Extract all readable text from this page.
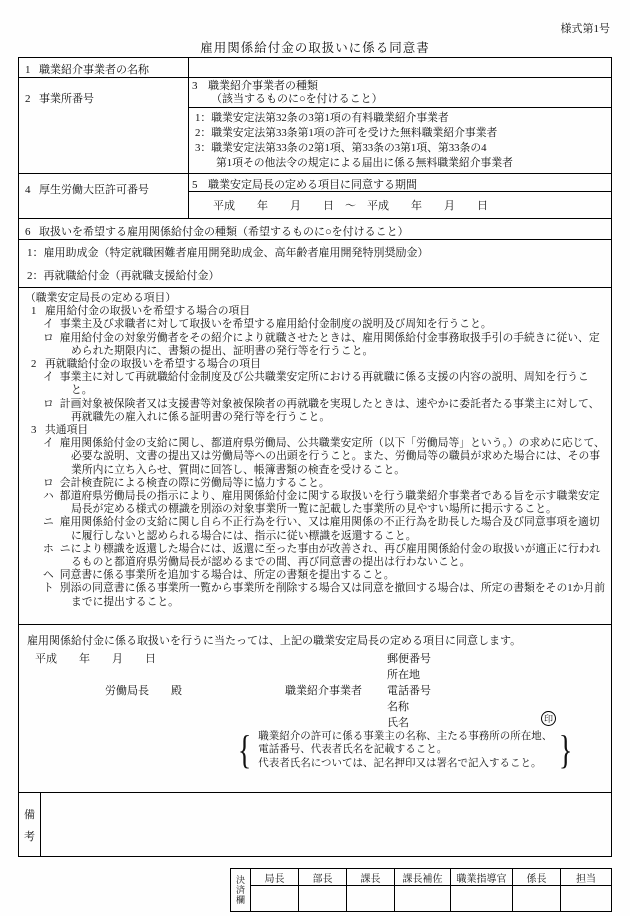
様式第1号
雇用関係給付金の取扱いに係る同意書
1 職業紹介事業者の名称
2 事業所番号
4 厚生労働大臣許可番号
3 職業紹介事業者の種類
（該当するものに○を付けること）
1：職業安定法第32条の3第1項の有料職業紹介事業者
2：職業安定法第33条第1項の許可を受けた無料職業紹介事業者
3：職業安定法第33条の2第1項、第33条の3第1項、第33条の4
第1項その他法令の規定による届出に係る無料職業紹介事業者
5 職業安定局長の定める項目に同意する期間
平成　　年　　月　　日　～　平成　　年　　月　　日
6 取扱いを希望する雇用関係給付金の種類（希望するものに○を付けること）
1：雇用助成金（特定就職困難者雇用開発助成金、高年齢者雇用開発特別奨励金）
2：再就職給付金（再就職支援給付金）
（職業安定局長の定める項目）
1 雇用給付金の取扱いを希望する場合の項目
イ 事業主及び求職者に対して取扱いを希望する雇用給付金制度の説明及び周知を行うこと。
ロ 雇用給付金の対象労働者をその紹介により就職させたときは、雇用関係給付金事務取扱手引の手続きに従い、定められた期限内に、書類の提出、証明書の発行等を行うこと。
2 再就職給付金の取扱いを希望する場合の項目
イ 事業主に対して再就職給付金制度及び公共職業安定所における再就職に係る支援の内容の説明、周知を行うこと。
ロ 計画対象被保険者又は支援書等対象被保険者の再就職を実現したときは、速やかに委託者たる事業主に対して、再就職先の雇入れに係る証明書の発行等を行うこと。
3 共通項目
イ 雇用関係給付金の支給に関し、都道府県労働局、公共職業安定所（以下「労働局等」という。）の求めに応じて、必要な説明、文書の提出又は労働局等への出頭を行うこと。また、労働局等の職員が求めた場合には、その事業所内に立ち入らせ、質問に回答し、帳簿書類の検査を受けること。
ロ 会計検査院による検査の際に労働局等に協力すること。
ハ 都道府県労働局長の指示により、雇用関係給付金に関する取扱いを行う職業紹介事業者である旨を示す職業安定局長が定める様式の標識を別添の対象事業所一覧に記載した事業所の見やすい場所に掲示すること。
ニ 雇用関係給付金の支給に関し自ら不正行為を行い、又は雇用関係の不正行為を助長した場合及び同意事項を適切に履行しないと認められる場合には、指示に従い標識を返還すること。
ホ ニにより標識を返還した場合には、返還に至った事由が改善され、再び雇用関係給付金の取扱いが適正に行われるものと都道府県労働局長が認めるまでの間、再び同意書の提出は行わないこと。
ヘ 同意書に係る事業所を追加する場合は、所定の書類を提出すること。
ト 別添の同意書に係る事業所一覧から事業所を削除する場合又は同意を撤回する場合は、所定の書類をその1か月前までに提出すること。
雇用関係給付金に係る取扱いを行うに当たっては、上記の職業安定局長の定める項目に同意します。
平成　　年　　月　　日	郵便番号
所在地
労働局長　　殿	職業紹介事業者 電話番号
名称
氏名	印
{ 職業紹介の許可に係る事業主の名称、主たる事務所の所在地、
電話番号、代表者氏名を記載すること。
代表者氏名については、記名押印又は署名で記入すること。 }
備
考
決
済
欄
局長	部長	課長	課長補佐	職業指導官	係長	担当
